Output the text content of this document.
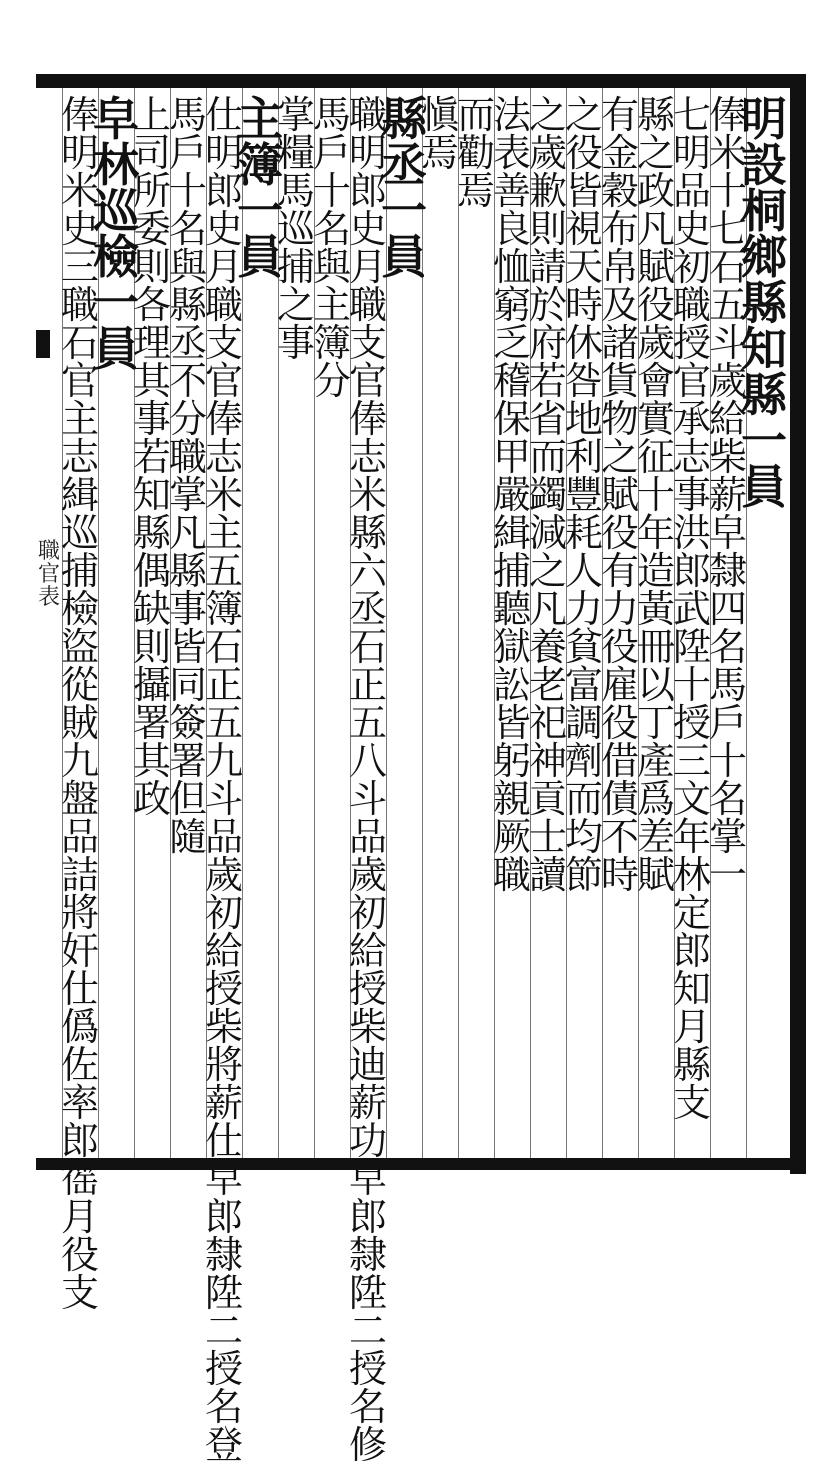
職
官
表
明
設
桐
鄉
縣
知
縣
一
員
俸
米
十
七
石
五
斗
歲
給
柴
薪
皁
隸
四
名
馬
戶
十
名
掌
一
七
明
品
史
初
職
授
官
承
志
事
洪
郎
武
陞
十
授
三
文
年
林
定
郎
知
月
縣
支
縣
之
政
凡
賦
役
歲
會
實
征
十
年
造
黃
冊
以
丁
產
爲
差
賦
有
金
穀
布
帛
及
諸
貨
物
之
賦
役
有
力
役
雇
役
借
債
不
時
之
役
皆
視
天
時
休
咎
地
利
豐
耗
人
力
貧
富
調
劑
而
均
節
之
歲
歉
則
請
於
府
若
省
而
蠲
減
之
凡
養
老
祀
神
貢
士
讀
法
表
善
良
恤
窮
乏
稽
保
甲
嚴
緝
捕
聽
獄
訟
皆
躬
親
厥
職
而
勸
焉
愼
焉
縣
丞
一
員
職
明
郎
史
月
職
支
官
俸
志
米
縣
六
丞
石
正
五
八
斗
品
歲
初
給
授
柴
迪
薪
功
皁
郎
隸
陞
二
授
名
修
馬
戶
十
名
與
主
簿
分
掌
糧
馬
巡
捕
之
事
主
簿
一
員
仕
明
郎
史
月
職
支
官
俸
志
米
主
五
簿
石
正
五
九
斗
品
歲
初
給
授
柴
將
薪
仕
皁
郎
隸
陞
二
授
名
登
馬
戶
十
名
與
縣
丞
不
分
職
掌
凡
縣
事
皆
同
簽
署
但
隨
上
司
所
委
則
各
理
其
事
若
知
縣
偶
缺
則
攝
署
其
政
皁
林
巡
檢
一
員
俸
明
米
史
三
職
石
官
主
志
緝
巡
捕
檢
盜
從
賊
九
盤
品
詰
將
奸
仕
僞
佐
率
郎
徭
月
役
支
